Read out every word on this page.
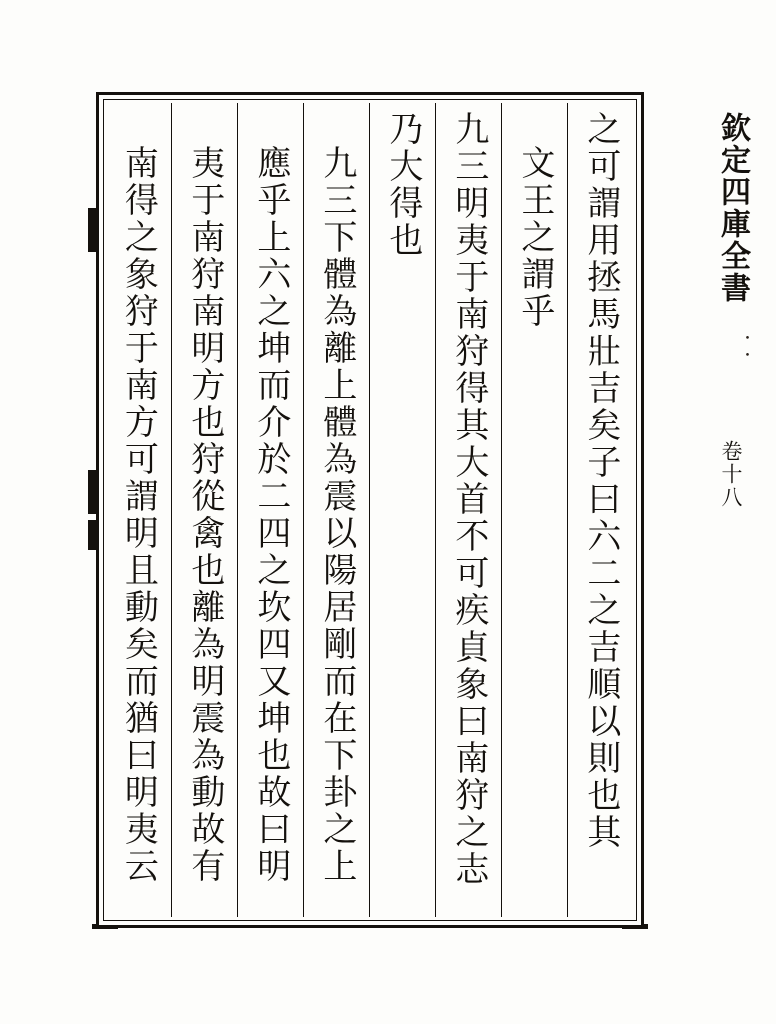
欽定四庫全書
・・
卷十八
之可謂用拯馬壯吉矣子曰六二之吉順以則也其
文王之謂乎
九三明夷于南狩得其大首不可疾貞象曰南狩之志
乃大得也
九三下體為離上體為震以陽居剛而在下卦之上
應乎上六之坤而介於二四之坎四又坤也故曰明
夷于南狩南明方也狩從禽也離為明震為動故有
南得之象狩于南方可謂明且動矣而猶曰明夷云
